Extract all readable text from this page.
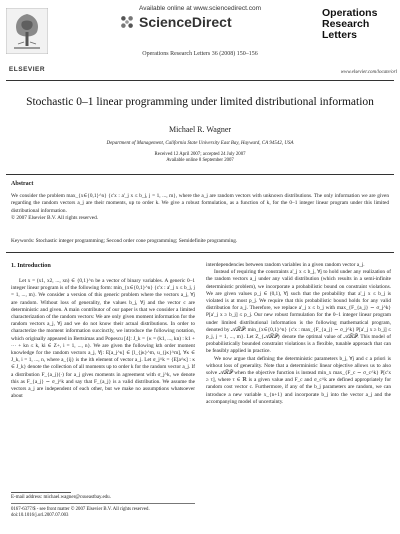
Available online at www.sciencedirect.com
ScienceDirect
ELSEVIER
Operations Research Letters 36 (2008) 150–156
Operations
Research
Letters
www.elsevier.com/locate/orl
Stochastic 0–1 linear programming under limited distributional information
Michael R. Wagner
Department of Management, California State University East Bay, Hayward, CA 94542, USA
Received 12 April 2007; accepted 24 July 2007
Available online 8 September 2007
Abstract
We consider the problem max_{x∈{0,1}^n} {c'x : a'_j x ≤ b_j, j = 1, ..., m}, where the a_j are random vectors with unknown distributions. The only information we are given regarding the random vectors a_j are their moments, up to order k. We give a robust formulation, as a function of k, for the 0–1 integer linear program under this limited distributional information.
© 2007 Elsevier B.V. All rights reserved.
Keywords: Stochastic integer programming; Second order cone programming; Semidefinite programming.
1. Introduction

Let x = (x1, x2, ..., xn) ∈ {0,1}^n be a vector of binary variables. A generic 0–1 integer linear program is of the following form: min_{x∈{0,1}^n} {c'x : a'_j x ≤ b_j, j = 1, ..., m}. We consider a version of this generic problem where the vectors a_j, ∀j are random. Without loss of generality, the values b_j, ∀j and the vector c are deterministic and given. A main contributor of our paper is that we consider a limited characterization of the random vectors: We are only given moment information for the random vectors a_j, ∀j and we do not know their actual distributions. In order to characterize the moment information succinctly, we introduce the following notation, which originally appeared in Bertsimas and Popescu [4]: J_k = {κ = (k1, ..., kn) : k1 + ··· + kn ≤ k, ki ∈ Z+, i = 1, ..., n}. We are given the following kth order moment knowledge for the random vectors a_j, ∀j: E[a_j^κ] ∈ [l_{jκ}^m, u_{jκ}^m], ∀κ ∈ J_k, i = 1, ..., n, where a_{ij} is the ith element of vector a_j. Let σ_j^k = {E[a^κ] : κ ∈ J_k} denote the collection of all moments up to order k for the random vector a_j. If a distribution F_{a_j}(·) for a_j gives moments in agreement with σ_j^k, we denote this as F_{a_j} ∼ σ_j^k and say that F_{a_j} is a valid distribution. We assume the vectors a_j are independent of each other, but we make no assumptions whatsoever about

interdependencies between random variables in a given random vector a_j.

Instead of requiring the constraints a'_j x ≤ b_j, ∀j to hold under any realization of the random vectors a_j under any valid distribution (which results in a semi-infinite deterministic problem), we incorporate a probabilistic bound on constraint violations. We are given values p_j ∈ (0,1), ∀j such that the probability that a'_j x ≤ b_j is violated is at most p_j. We require that this probabilistic bound holds for any valid distribution for a_j. Therefore, we replace a'_j x ≤ b_j with max_{F_{a_j} ∼ σ_j^k} P[a'_j x ≥ b_j] ≤ p_j. Our new robust formulation for the 0–1 integer linear program under limited distributional information is the following mathematical program, denoted by 𝒜ℛ𝒫: min_{x∈{0,1}^n} {c'x : max_{F_{a_j} ∼ σ_j^k} P[a'_j x ≥ b_j] ≤ p_j, j = 1, ..., m}. Let Z_{𝒜ℛ𝒫} denote the optimal value of 𝒜ℛ𝒫. This model of probabilistically bounded constraint violations is a flexible, tunable approach that can be feasibly applied in practice.

We now argue that defining the deterministic parameters b_j, ∀j and c a priori is without loss of generality. Note that a deterministic linear objective allows us to also solve 𝒜ℛ𝒫 when the objective function is instead min_x max_{F_c ∼ σ_c^k} P[c'x ≥ τ], where τ ∈ ℝ is a given value and F_c and σ_c^k are defined appropriately for random cost vector c. Furthermore, if any of the b_j parameters are random, we can introduce a new variable x_{n+1} and incorporate b_j into the vector a_j and the accompanying model of uncertainty.

E-mail address: michael.wagner@csueastbay.edu.
0167-6377/$ - see front matter © 2007 Elsevier B.V. All rights reserved.
doi:10.1016/j.orl.2007.07.003
